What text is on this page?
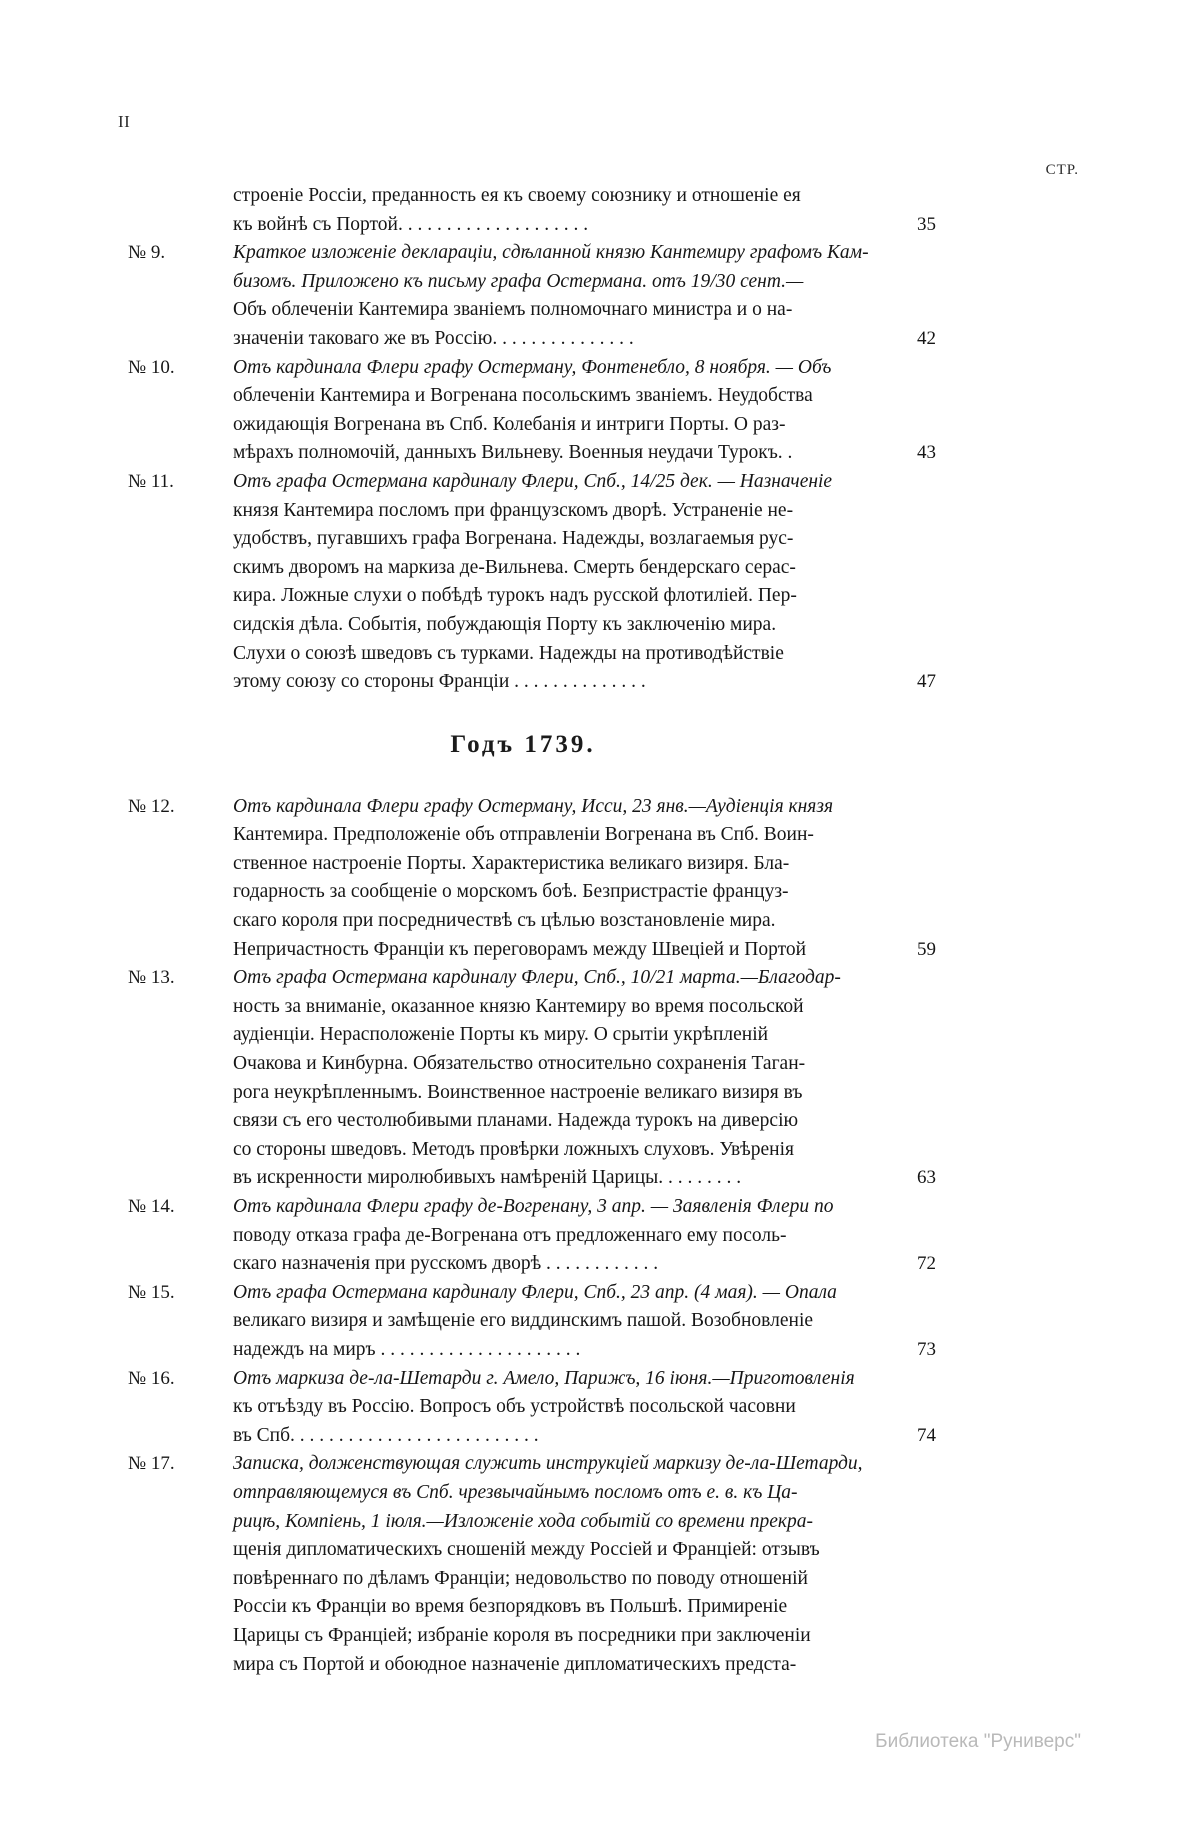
II
СТР.
строеніе Россіи, преданность ея къ своему союзнику и отношеніе ея
къ войнѣ съ Портой. . . . . . . . . . . . . . . . . . . .	35
№ 9.	Краткое изложеніе деклараціи, сдѣланной князю Кантемиру графомъ Кам-
бизомъ. Приложено къ письму графа Остермана. отъ 19/30 сент.—
Объ облеченіи Кантемира званіемъ полномочнаго министра и о на-
значеніи таковаго же въ Россію. . . . . . . . . . . . . . .	42
№ 10.	Отъ кардинала Флери графу Остерману, Фонтенебло, 8 ноября. — Объ
облеченіи Кантемира и Вогренана посольскимъ званіемъ. Неудобства
ожидающія Вогренана въ Спб. Колебанія и интриги Порты. О раз-
мѣрахъ полномочій, данныхъ Вильневу. Военныя неудачи Турокъ. .	43
№ 11.	Отъ графа Остермана кардиналу Флери, Спб., 14/25 дек. — Назначеніе
князя Кантемира посломъ при французскомъ дворѣ. Устраненіе не-
удобствъ, пугавшихъ графа Вогренана. Надежды, возлагаемыя рус-
скимъ дворомъ на маркиза де-Вильнева. Смерть бендерскаго серас-
кира. Ложные слухи о побѣдѣ турокъ надъ русской флотиліей. Пер-
сидскія дѣла. Событія, побуждающія Порту къ заключенію мира.
Слухи о союзѣ шведовъ съ турками. Надежды на противодѣйствіе
этому союзу со стороны Франціи . . . . . . . . . . . . . .	47
Годъ 1739.
№ 12.	Отъ кардинала Флери графу Остерману, Исси, 23 янв.—Аудіенція князя
Кантемира. Предположеніе объ отправленіи Вогренана въ Спб. Воин-
ственное настроеніе Порты. Характеристика великаго визиря. Бла-
годарность за сообщеніе о морскомъ боѣ. Безпристрастіе француз-
скаго короля при посредничествѣ съ цѣлью возстановленіе мира.
Непричастность Франціи къ переговорамъ между Швеціей и Портой	59
№ 13.	Отъ графа Остермана кардиналу Флери, Спб., 10/21 марта.—Благодар-
ность за вниманіе, оказанное князю Кантемиру во время посольской
аудіенціи. Нерасположеніе Порты къ миру. О срытіи укрѣпленій
Очакова и Кинбурна. Обязательство относительно сохраненія Таган-
рога неукрѣпленнымъ. Воинственное настроеніе великаго визиря въ
связи съ его честолюбивыми планами. Надежда турокъ на диверсію
со стороны шведовъ. Методъ провѣрки ложныхъ слуховъ. Увѣренія
въ искренности миролюбивыхъ намѣреній Царицы. . . . . . . . .	63
№ 14.	Отъ кардинала Флери графу де-Вогренану, 3 апр. — Заявленія Флери по
поводу отказа графа де-Вогренана отъ предложеннаго ему посоль-
скаго назначенія при русскомъ дворѣ . . . . . . . . . . . .	72
№ 15.	Отъ графа Остермана кардиналу Флери, Спб., 23 апр. (4 мая). — Опала
великаго визиря и замѣщеніе его виддинскимъ пашой. Возобновленіе
надеждъ на миръ . . . . . . . . . . . . . . . . . . . . .	73
№ 16.	Отъ маркиза де-ла-Шетарди г. Амело, Парижъ, 16 іюня.—Приготовленія
къ отъѣзду въ Россію. Вопросъ объ устройствѣ посольской часовни
въ Спб. . . . . . . . . . . . . . . . . . . . . . . . . .	74
№ 17.	Записка, долженствующая служить инструкціей маркизу де-ла-Шетарди,
отправляющемуся въ Спб. чрезвычайнымъ посломъ отъ е. в. къ Ца-
рицѣ, Компіень, 1 іюля.—Изложеніе хода событій со времени прекра-
щенія дипломатическихъ сношеній между Россіей и Франціей: отзывъ
повѣреннаго по дѣламъ Франціи; недовольство по поводу отношеній
Россіи къ Франціи во время безпорядковъ въ Польшѣ. Примиреніе
Царицы съ Франціей; избраніе короля въ посредники при заключеніи
мира съ Портой и обоюдное назначеніе дипломатическихъ предста-
Библиотека "Руниверс"
